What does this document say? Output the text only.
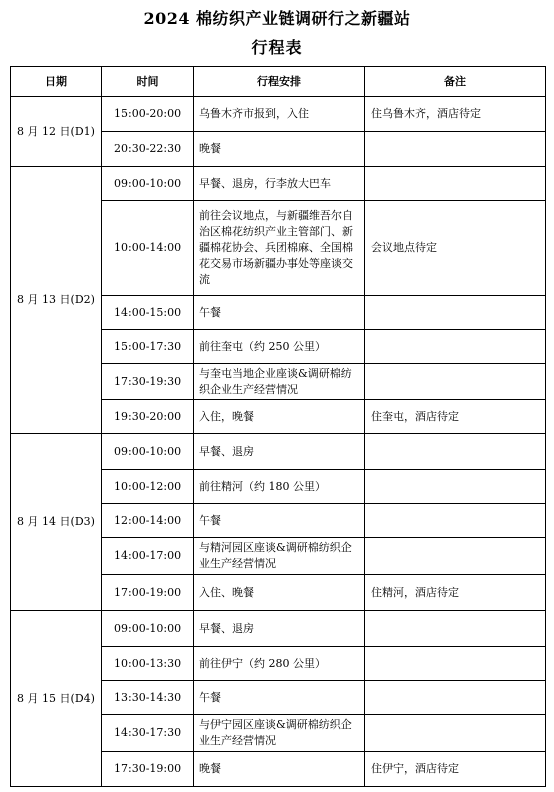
2024 棉纺织产业链调研行之新疆站
行程表
日期	时间	行程安排	备注
8 月 12 日(D1)	15:00-20:00	乌鲁木齐市报到，入住	住乌鲁木齐，酒店待定
	20:30-22:30	晚餐	
8 月 13 日(D2)	09:00-10:00	早餐、退房，行李放大巴车	
	10:00-14:00	前往会议地点，与新疆维吾尔自治区棉花纺织产业主管部门、新疆棉花协会、兵团棉麻、全国棉花交易市场新疆办事处等座谈交流	会议地点待定
	14:00-15:00	午餐	
	15:00-17:30	前往奎屯（约 250 公里）	
	17:30-19:30	与奎屯当地企业座谈&调研棉纺织企业生产经营情况	
	19:30-20:00	入住，晚餐	住奎屯，酒店待定
8 月 14 日(D3)	09:00-10:00	早餐、退房	
	10:00-12:00	前往精河（约 180 公里）	
	12:00-14:00	午餐	
	14:00-17:00	与精河园区座谈&调研棉纺织企业生产经营情况	
	17:00-19:00	入住、晚餐	住精河，酒店待定
8 月 15 日(D4)	09:00-10:00	早餐、退房	
	10:00-13:30	前往伊宁（约 280 公里）	
	13:30-14:30	午餐	
	14:30-17:30	与伊宁园区座谈&调研棉纺织企业生产经营情况	
	17:30-19:00	晚餐	住伊宁，酒店待定
